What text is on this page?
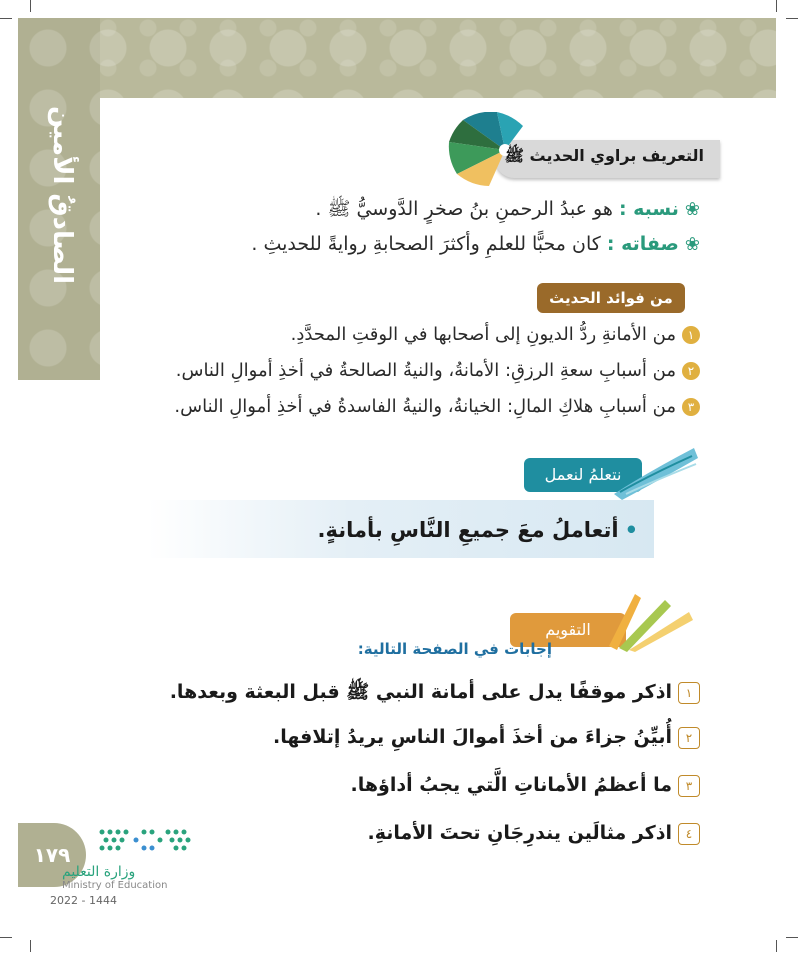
الصادقُ الأمين	التعريف براوي الحديث ﷺ
❀نسبه : هو عبدُ الرحمنِ بنُ صخرٍ الدَّوسيُّ ﷺ .
❀صفاته : كان محبًّا للعلمِ وأكثرَ الصحابةِ روايةً للحديثِ .
من فوائد الحديث
١من الأمانةِ ردُّ الديونِ إلى أصحابها في الوقتِ المحدَّدِ.
٢من أسبابِ سعةِ الرزقِ: الأمانةُ، والنيةُ الصالحةُ في أخذِ أموالِ الناس.
٣من أسبابِ هلاكِ المالِ: الخيانةُ، والنيةُ الفاسدةُ في أخذِ أموالِ الناس.
نتعلمُ لنعمل
•أتعاملُ معَ جميعِ النَّاسِ بأمانةٍ.
التقويم
إجابات في الصفحة التالية:
١اذكر موقفًا يدل على أمانة النبي ﷺ قبل البعثة وبعدها.
٢أُبيِّنُ جزاءَ من أخذَ أموالَ الناسِ يريدُ إتلافها.
٣ما أعظمُ الأماناتِ الَّتي يجبُ أداؤها.
٤اذكر مثالَين يندرِجَانِ تحتَ الأمانةِ.
١٧٩
وزارة التعليم
Ministry of Education
2022 - 1444
